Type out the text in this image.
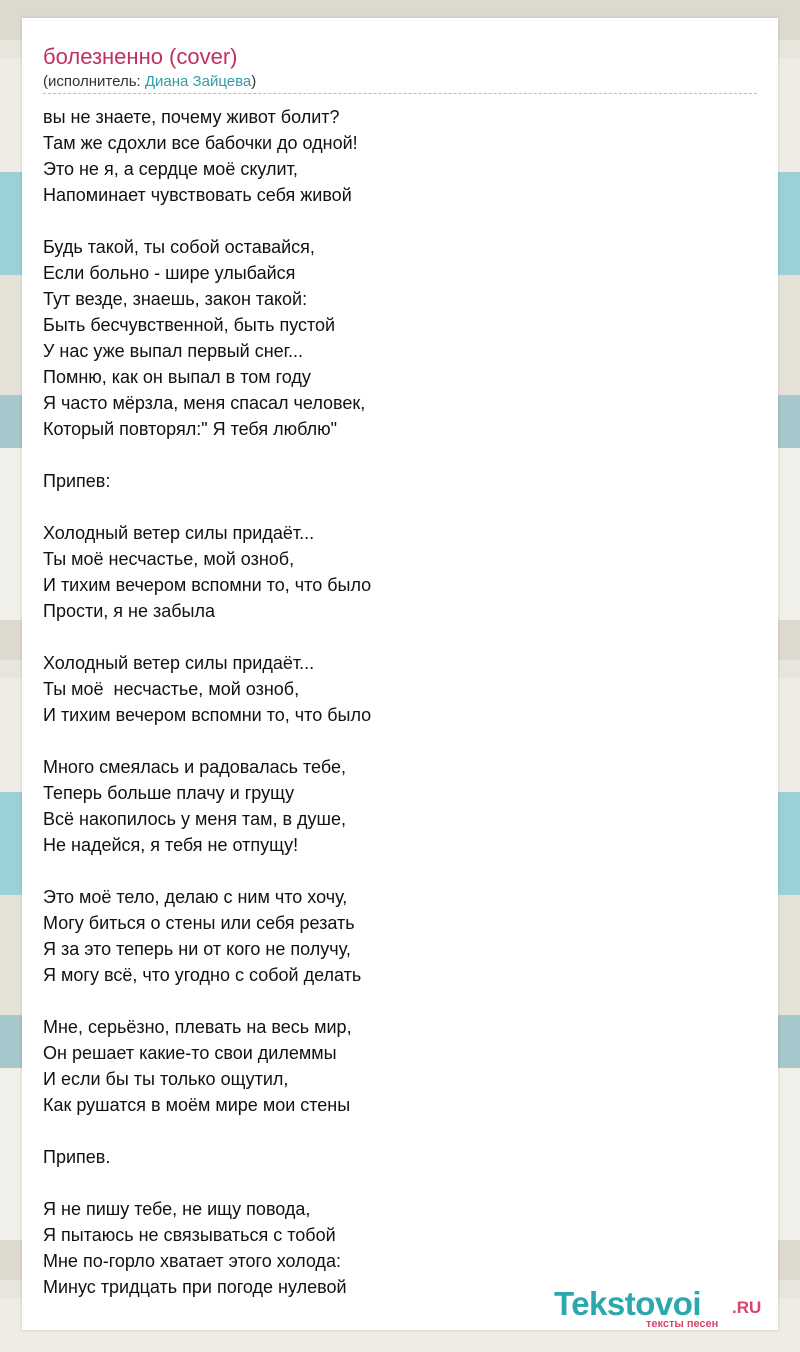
болезненно (cover)
(исполнитель: Диана Зайцева)
вы не знаете, почему живот болит?
Там же сдохли все бабочки до одной!
Это не я, а сердце моё скулит,
Напоминает чувствовать себя живой
Будь такой, ты собой оставайся,
Если больно - шире улыбайся
Тут везде, знаешь, закон такой:
Быть бесчувственной, быть пустой
У нас уже выпал первый снег...
Помню, как он выпал в том году
Я часто мёрзла, меня спасал человек,
Который повторял:" Я тебя люблю"
Припев:
Холодный ветер силы придаёт...
Ты моё несчастье, мой озноб,
И тихим вечером вспомни то, что было
Прости, я не забыла
Холодный ветер силы придаёт...
Ты моё  несчастье, мой озноб,
И тихим вечером вспомни то, что было
Много смеялась и радовалась тебе,
Теперь больше плачу и грущу
Всё накопилось у меня там, в душе,
Не надейся, я тебя не отпущу!
Это моё тело, делаю с ним что хочу,
Могу биться о стены или себя резать
Я за это теперь ни от кого не получу,
Я могу всё, что угодно с собой делать
Мне, серьёзно, плевать на весь мир,
Он решает какие-то свои дилеммы
И если бы ты только ощутил,
Как рушатся в моём мире мои стены
Припев.
Я не пишу тебе, не ищу повода,
Я пытаюсь не связываться с тобой
Мне по-горло хватает этого холода:
Минус тридцать при погоде нулевой	Tekstovoi .RU
тексты песен
